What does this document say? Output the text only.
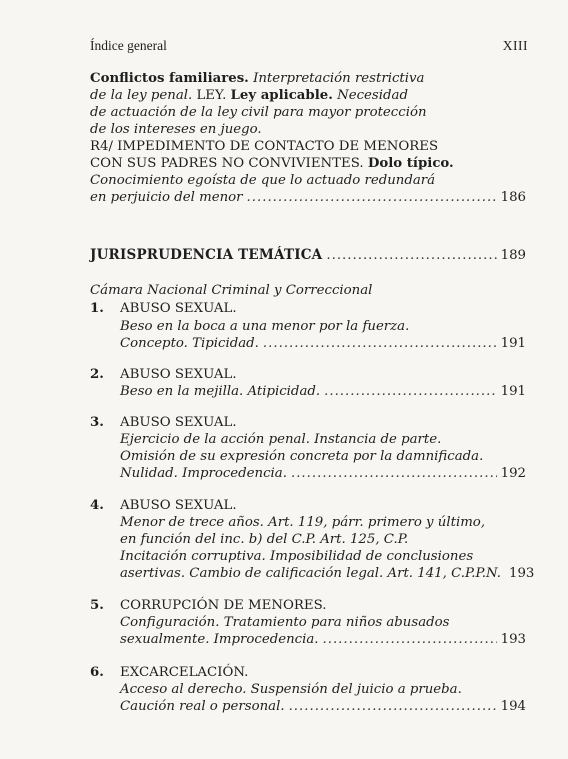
Índice general	XIII
Conflictos familiares. Interpretación restrictiva
de la ley penal. LEY. Ley aplicable. Necesidad
de actuación de la ley civil para mayor protección
de los intereses en juego.
R4/ IMPEDIMENTO DE CONTACTO DE MENORES
CON SUS PADRES NO CONVIVIENTES. Dolo típico.
Conocimiento egoísta de que lo actuado redundará
en perjuicio del menor .....	186
JURISPRUDENCIA TEMÁTICA .....	189
Cámara Nacional Criminal y Correccional
1. ABUSO SEXUAL.
Beso en la boca a una menor por la fuerza.
Concepto. Tipicidad. .....	191
2. ABUSO SEXUAL.
Beso en la mejilla. Atipicidad. .....	191
3. ABUSO SEXUAL.
Ejercicio de la acción penal. Instancia de parte.
Omisión de su expresión concreta por la damnificada.
Nulidad. Improcedencia. .....	192
4. ABUSO SEXUAL.
Menor de trece años. Art. 119, párr. primero y último,
en función del inc. b) del C.P. Art. 125, C.P.
Incitación corruptiva. Imposibilidad de conclusiones
asertivas. Cambio de calificación legal. Art. 141, C.P.P.N. 193
5. CORRUPCIÓN DE MENORES.
Configuración. Tratamiento para niños abusados
sexualmente. Improcedencia. .....	193
6. EXCARCELACIÓN.
Acceso al derecho. Suspensión del juicio a prueba.
Caución real o personal. .....	194
